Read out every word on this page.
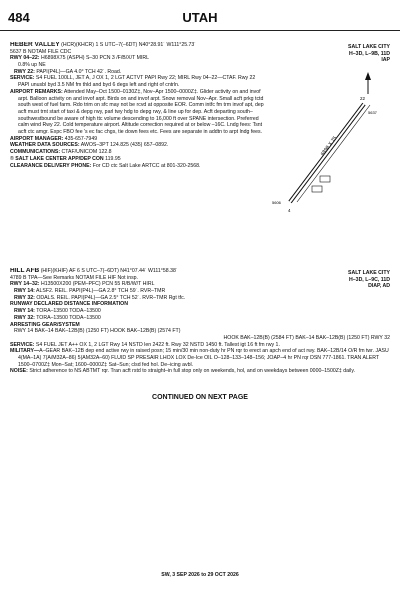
484	UTAH
SALT LAKE CITY
H–3D, L–9B, 11D
IAP
HEBER VALLEY (HCR)(KHCR) 1 S UTC–7(–6DT) N40°28.91´ W111°25.73´
5637 B NOTAM FILE CDC
RWY 04–22: H6898X75 (ASPH) S–30 PCN 3 /F/B/X/T MIRL
0.8% up NE
RWY 22: PAPI(P4L)—GA 4.0° TCH 42´. Road.
SERVICE: S4 FUEL 100LL, JET A, J OX 1, 2 LGT ACTVT PAPI Rwy 22; MIRL Rwy 04–22—CTAF. Rwy 22 PAPI unusbl byd 3.5 NM fm thld and byd 6 degs left and right of cntrln.
AIRPORT REMARKS: Attended May–Oct 1500–0130Z‡, Nov–Apr 1500–0000Z‡. Glider activity on and invof arpt. Balloon activity on and invof arpt. Birds on and invof arpt. Snow removal Nov–Apr. Small acft prkg tctd south west of fuel farm. Rdo trim on sfc may not be rcvd at opposite EOR. Comm intfc fm trm invof apt, dep acft must trnt start of taxi & depg rwy, parl twy hdg to depg rwy, & line up for dep. Acft departing south–southwestbound be aware of high ttc volume descending to 16,000 ft over SPANE intersection. Preferred calm wind Rwy 22. Cold temperature airport. Altitude correction required at or below –16C. Lndg fees: Tsnt acft ctc amgr. Expc FBO fee 's ec fac chgs, tie down fees etc. Fees are separate in addtn to arpt lndg fees.
AIRPORT MANAGER: 435-657-7949
WEATHER DATA SOURCES: AWOS–3PT 124.825 (435) 657–0892.
COMMUNICATIONS: CTAF/UNICOM 122.8
® SALT LAKE CENTER APP/DEP CON 119.95
CLEARANCE DELIVERY PHONE: For CD ctc Salt Lake ARTCC at 801-320-2568.
6898 X 75
22
4
5637
5606
SALT LAKE CITY
H–3D, L–9C, 11D
DIAP, AD
HILL AFB (HIF)(KHIF) AF 6 S UTC–7(–6DT) N41°07.44´ W111°58.38´
4789 B TPA—See Remarks NOTAM FILE HIF Not insp.
RWY 14–32: H13500X200 (PEM–PFC) PCN 55 R/B/W/T HIRL
RWY 14: ALSF2. REIL. PAPI(P4L)—GA 2.8° TCH 59´. RVR–TMR
RWY 32: ODALS. REIL. PAPI(P4L)—GA 2.5° TCH 52´. RVR–TMR Rgt tfc.
RUNWAY DECLARED DISTANCE INFORMATION
RWY 14: TORA–13500 TODA–13500
RWY 32: TORA–13500 TODA–13500
ARRESTING GEAR/SYSTEM
RWY 14 BAK–14 BAK–12B(B) (1250 FT) HOOK BAK–12B(B) (2574 FT)
HOOK BAK–12B(B) (2584 FT) BAK–14 BAK–12B(B) (1250 FT) RWY 32
SERVICE: S4 FUEL JET A++ OX 1, 2 LGT Rwy 14 NSTD len 2422 ft. Rwy 32 NSTD 1450 ft. Tallest igt 16 ft fm rwy 1.
MILITARY—A–GEAR BAK–12B dep end active rwy in raised posn; 15 min/30 min non-duty hr PN rqr to erect an apch end of act rwy. BAK–12B/14 O/R fm twr. JASU 4(MA–1A) 7(A/M32A–86) 5(AM32A–60) FLUID SP PRESAIR LHOX LOX De-Ice OIL O–128–133–148–156; JOAP–4 hr PN rqr DSN 777-1861. TRAN ALERT 1500–0700Z‡ Mon–Sat; 1600–0000Z‡ Sat–Sun; clsd fed hol. De–icing avbl.
NOISE: Strict adherence to NS ABTMT rqr. Tran acft rstd to straight–in full stop only on weekends, hol, and on weekdays between 0000–1500Z‡ daily.
CONTINUED ON NEXT PAGE
SW, 3 SEP 2026 to 29 OCT 2026
